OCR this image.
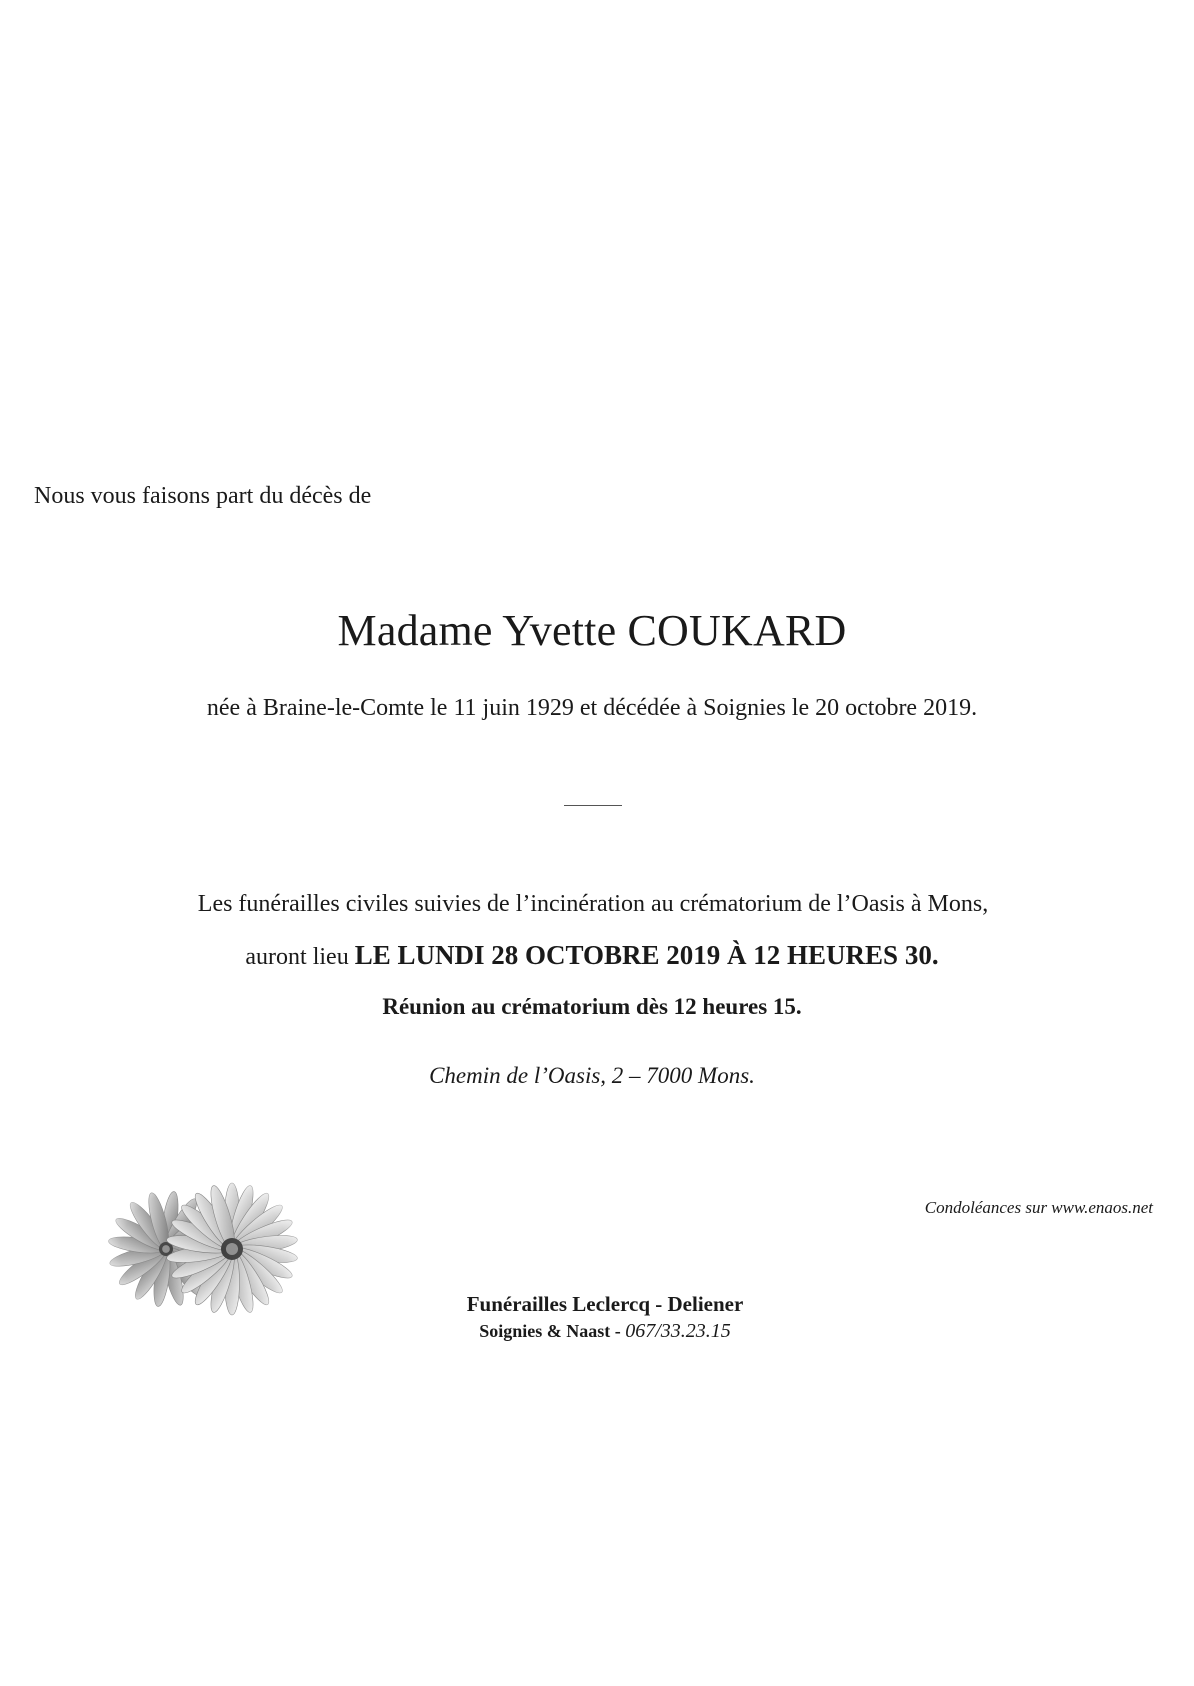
Nous vous faisons part du décès de

Madame Yvette COUKARD

née à Braine-le-Comte le 11 juin 1929 et décédée à Soignies le 20 octobre 2019.

Les funérailles civiles suivies de l’incinération au crématorium de l’Oasis à Mons,

auront lieu LE LUNDI 28 OCTOBRE 2019 À 12 HEURES 30.

Réunion au crématorium dès 12 heures 15.

Chemin de l’Oasis, 2 – 7000 Mons.

Condoléances sur www.enaos.net

Funérailles Leclercq - Deliener

Soignies & Naast - 067/33.23.15
